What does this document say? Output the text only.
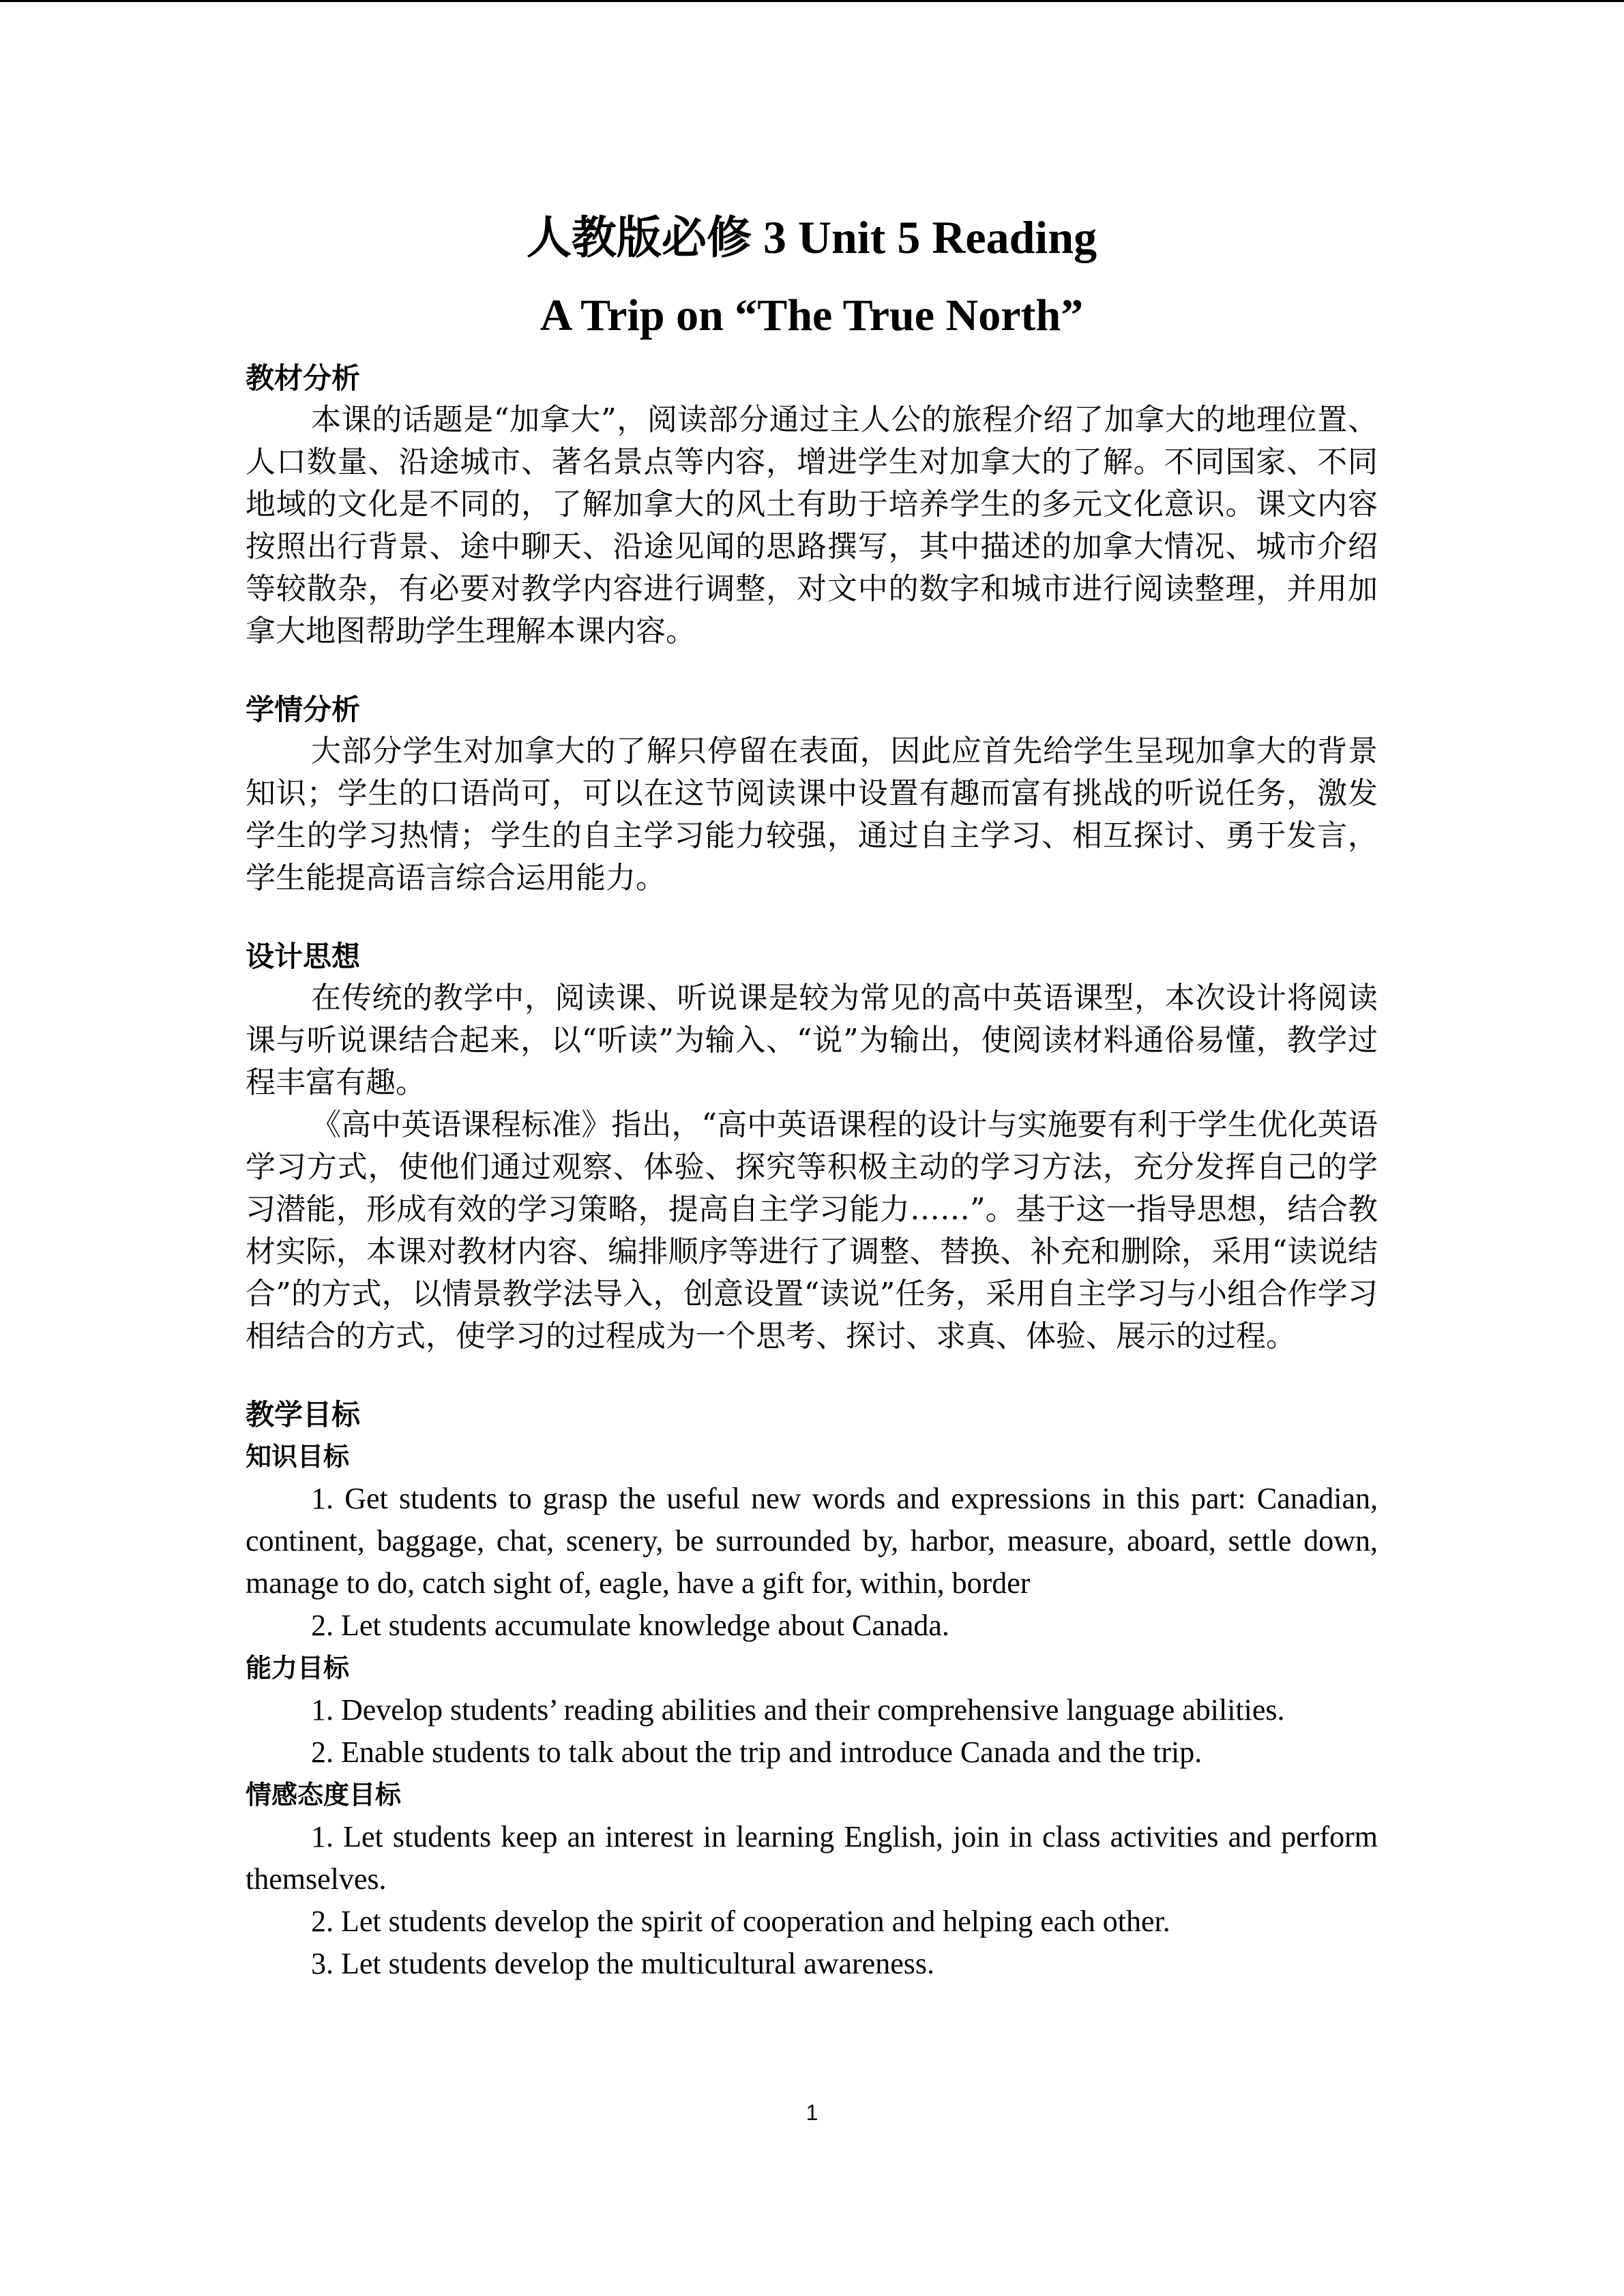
人教版必修 3 Unit 5 Reading
A Trip on “The True North”
教材分析

本课的话题是“加拿大”，阅读部分通过主人公的旅程介绍了加拿大的地理位置、人口数量、沿途城市、著名景点等内容，增进学生对加拿大的了解。不同国家、不同地域的文化是不同的，了解加拿大的风土有助于培养学生的多元文化意识。课文内容按照出行背景、途中聊天、沿途见闻的思路撰写，其中描述的加拿大情况、城市介绍等较散杂，有必要对教学内容进行调整，对文中的数字和城市进行阅读整理，并用加拿大地图帮助学生理解本课内容。

学情分析

大部分学生对加拿大的了解只停留在表面，因此应首先给学生呈现加拿大的背景知识；学生的口语尚可，可以在这节阅读课中设置有趣而富有挑战的听说任务，激发学生的学习热情；学生的自主学习能力较强，通过自主学习、相互探讨、勇于发言，学生能提高语言综合运用能力。

设计思想

在传统的教学中，阅读课、听说课是较为常见的高中英语课型，本次设计将阅读课与听说课结合起来，以“听读”为输入、“说”为输出，使阅读材料通俗易懂，教学过程丰富有趣。

《高中英语课程标准》指出，“高中英语课程的设计与实施要有利于学生优化英语学习方式，使他们通过观察、体验、探究等积极主动的学习方法，充分发挥自己的学习潜能，形成有效的学习策略，提高自主学习能力……”。基于这一指导思想，结合教材实际，本课对教材内容、编排顺序等进行了调整、替换、补充和删除，采用“读说结合”的方式，以情景教学法导入，创意设置“读说”任务，采用自主学习与小组合作学习相结合的方式，使学习的过程成为一个思考、探讨、求真、体验、展示的过程。

教学目标
知识目标

1. Get students to grasp the useful new words and expressions in this part: Canadian, continent, baggage, chat, scenery, be surrounded by, harbor, measure, aboard, settle down, manage to do, catch sight of, eagle, have a gift for, within, border

2. Let students accumulate knowledge about Canada.

能力目标

1. Develop students’ reading abilities and their comprehensive language abilities.

2. Enable students to talk about the trip and introduce Canada and the trip.

情感态度目标

1. Let students keep an interest in learning English, join in class activities and perform themselves.

2. Let students develop the spirit of cooperation and helping each other.

3. Let students develop the multicultural awareness.

1
